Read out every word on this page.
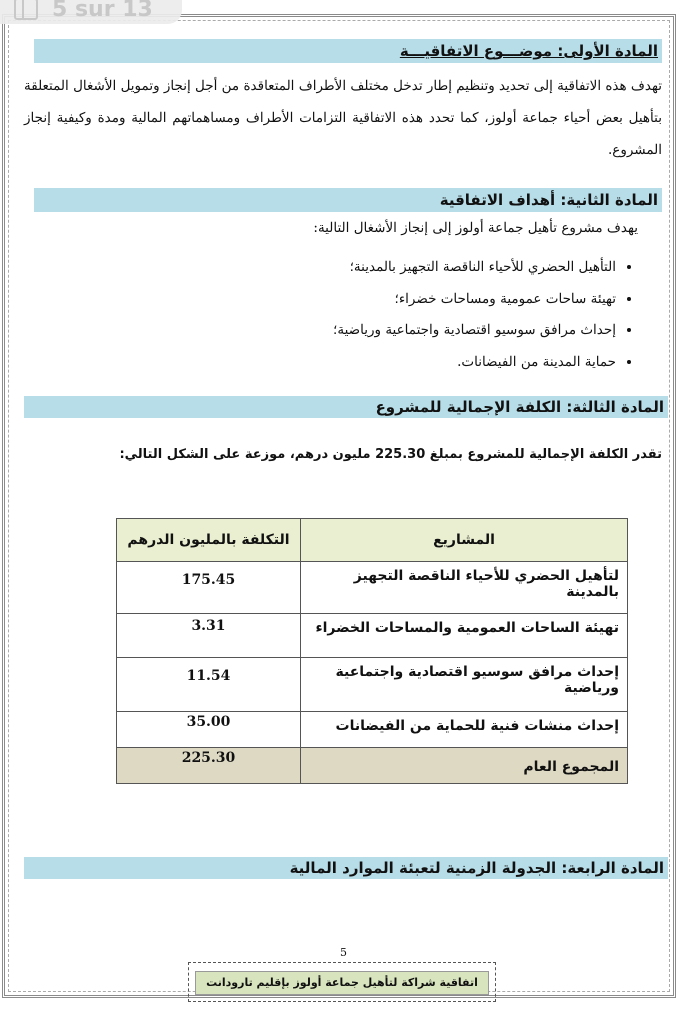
5 sur 13
المادة الأولى: موضـــوع الاتفاقيـــة
تهدف هذه الاتفاقية إلى تحديد وتنظيم إطار تدخل مختلف الأطراف المتعاقدة من أجل إنجاز وتمويل الأشغال المتعلقة بتأهيل بعض أحياء جماعة أولوز، كما تحدد هذه الاتفاقية التزامات الأطراف ومساهماتهم المالية ومدة وكيفية إنجاز المشروع.
المادة الثانية: أهداف الاتفاقية
يهدف مشروع تأهيل جماعة أولوز إلى إنجاز الأشغال التالية:
• التأهيل الحضري للأحياء الناقصة التجهيز بالمدينة؛
• تهيئة ساحات عمومية ومساحات خضراء؛
• إحداث مرافق سوسيو اقتصادية واجتماعية ورياضية؛
• حماية المدينة من الفيضانات.
المادة الثالثة: الكلفة الإجمالية للمشروع
تقدر الكلفة الإجمالية للمشروع بمبلغ 225.30 مليون درهم، موزعة على الشكل التالي:
المشاريع	التكلفة بالمليون الدرهم
لتأهيل الحضري للأحياء الناقصة التجهيز بالمدينة	175.45
تهيئة الساحات العمومية والمساحات الخضراء	3.31
إحداث مرافق سوسيو اقتصادية واجتماعية ورياضية	11.54
إحداث منشات فنية للحماية من الفيضانات	35.00
المجموع العام	225.30
المادة الرابعة: الجدولة الزمنية لتعبئة الموارد المالية
5
اتفاقية شراكة لتأهيل جماعة أولوز بإقليم تارودانت
